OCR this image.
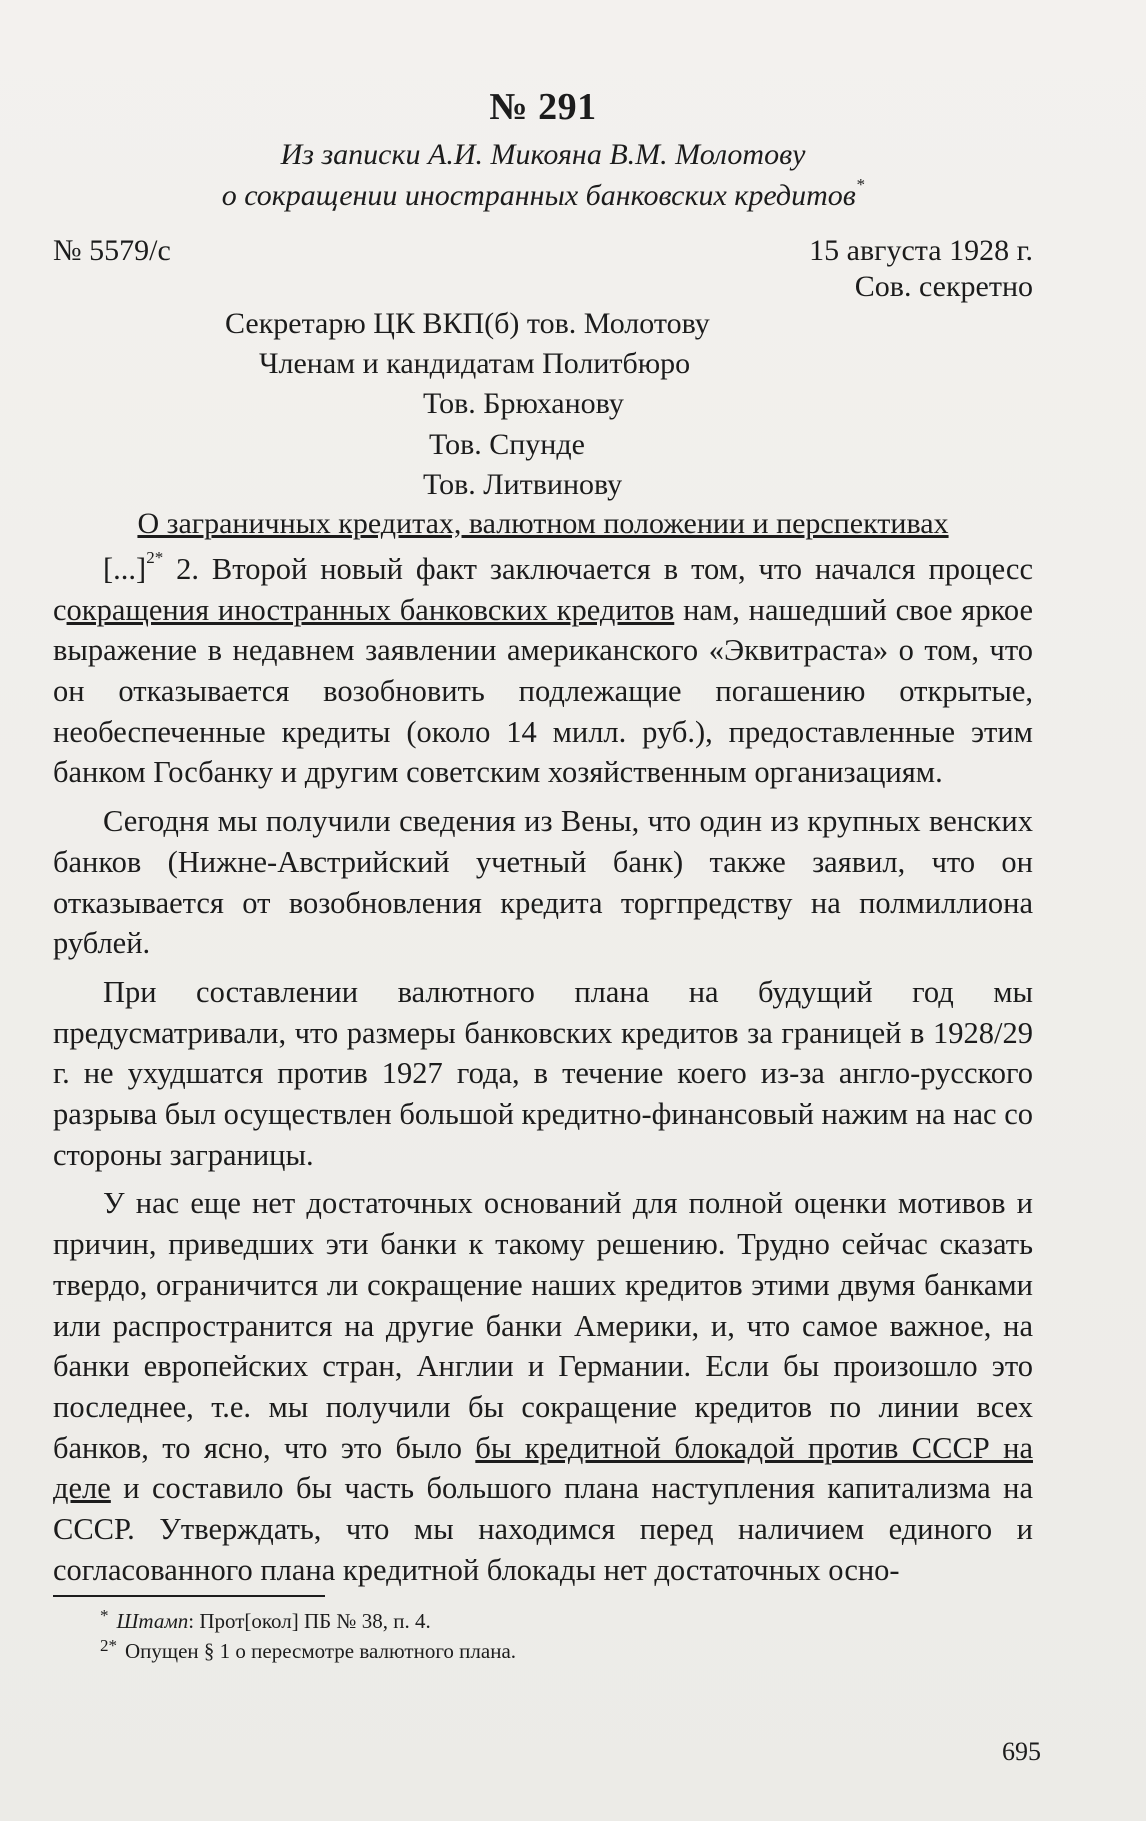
№ 291
Из записки А.И. Микояна В.М. Молотову
о сокращении иностранных банковских кредитов*
№ 5579/с	15 августа 1928 г.
Сов. секретно
Секретарю ЦК ВКП(б) тов. Молотову
Членам и кандидатам Политбюро
Тов. Брюханову
Тов. Спунде
Тов. Литвинову
О заграничных кредитах, валютном положении и перспективах

[...]$^{2*}$ 2. Второй новый факт заключается в том, что начался процесс сокращения иностранных банковских кредитов нам, нашедший свое яркое выражение в недавнем заявлении американского «Эквитраста» о том, что он отказывается возобновить подлежащие погашению открытые, необеспеченные кредиты (около 14 милл. руб.), предоставленные этим банком Госбанку и другим советским хозяйственным организациям.

Сегодня мы получили сведения из Вены, что один из крупных венских банков (Нижне-Австрийский учетный банк) также заявил, что он отказывается от возобновления кредита торгпредству на полмиллиона рублей.

При составлении валютного плана на будущий год мы предусматривали, что размеры банковских кредитов за границей в 1928/29 г. не ухудшатся против 1927 года, в течение коего из-за англо-русского разрыва был осуществлен большой кредитно-финансовый нажим на нас со стороны заграницы.

У нас еще нет достаточных оснований для полной оценки мотивов и причин, приведших эти банки к такому решению. Трудно сейчас сказать твердо, ограничится ли сокращение наших кредитов этими двумя банками или распространится на другие банки Америки, и, что самое важное, на банки европейских стран, Англии и Германии. Если бы произошло это последнее, т.е. мы получили бы сокращение кредитов по линии всех банков, то ясно, что это было бы кредитной блокадой против СССР на деле и составило бы часть большого плана наступления капитализма на СССР. Утверждать, что мы находимся перед наличием единого и согласованного плана кредитной блокады нет достаточных осно-

* Штамп: Прот[окол] ПБ № 38, п. 4.
$^{2*}$ Опущен § 1 о пересмотре валютного плана.
695
